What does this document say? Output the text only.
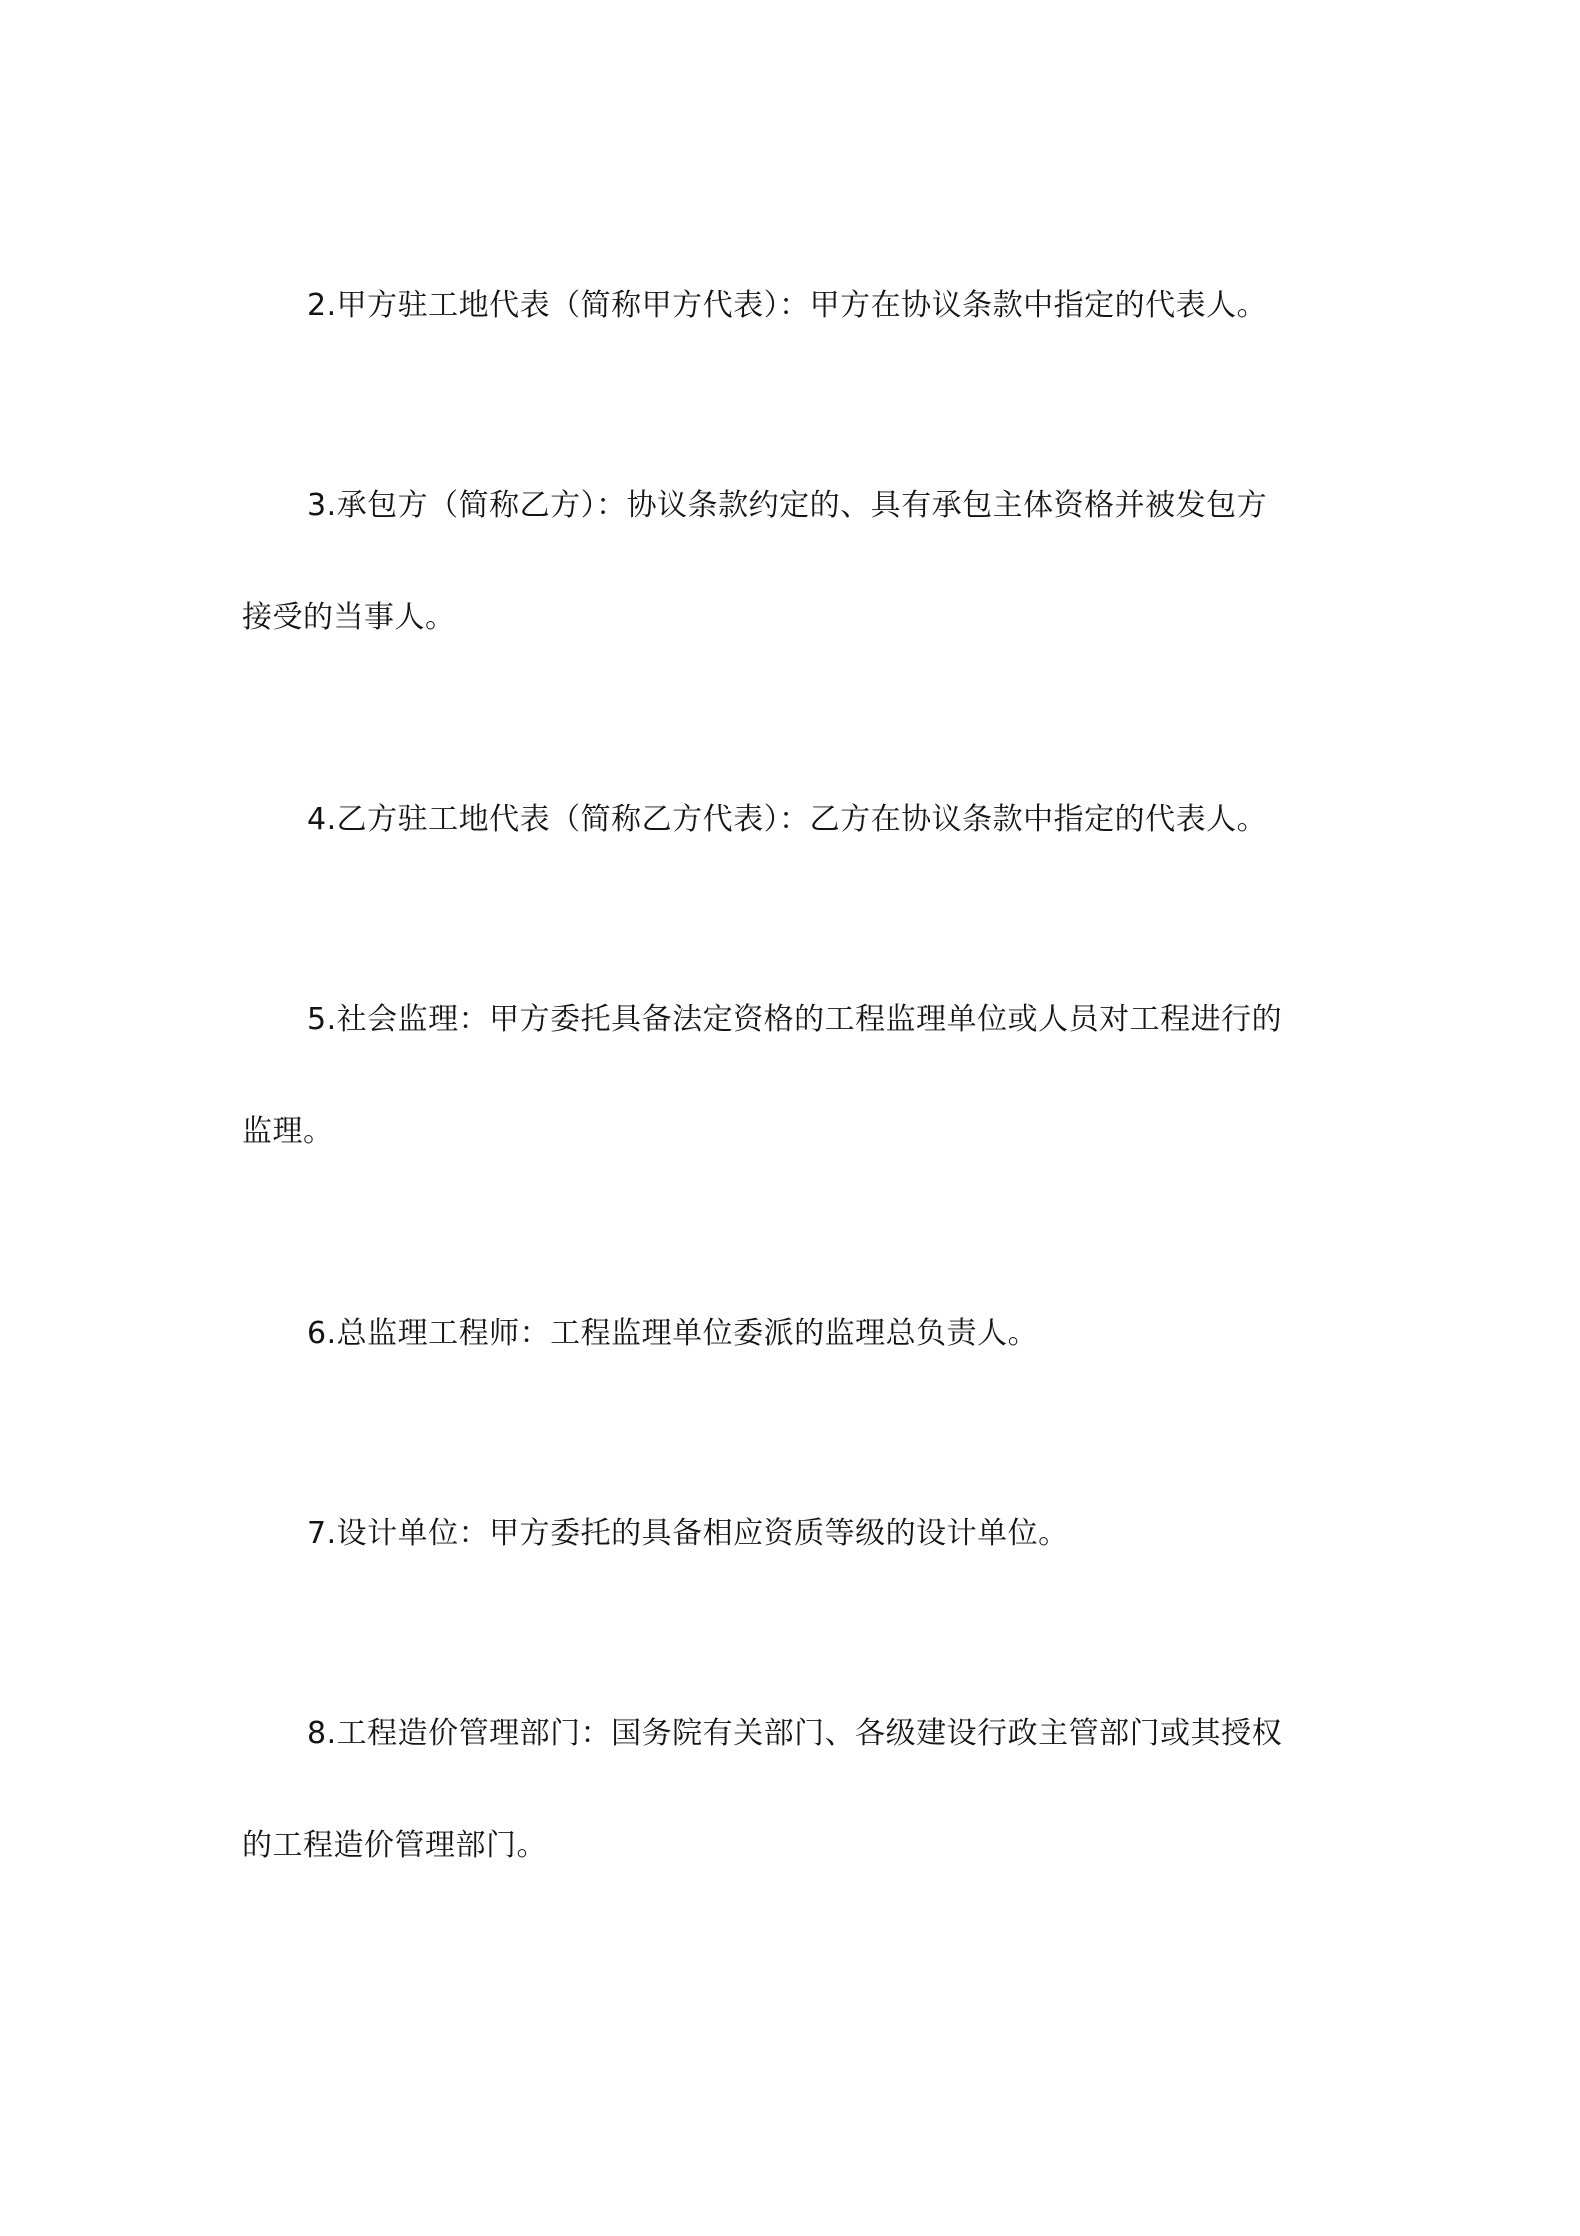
2.甲方驻工地代表（简称甲方代表）：甲方在协议条款中指定的代表人。
3.承包方（简称乙方）：协议条款约定的、具有承包主体资格并被发包方
接受的当事人。
4.乙方驻工地代表（简称乙方代表）：乙方在协议条款中指定的代表人。
5.社会监理：甲方委托具备法定资格的工程监理单位或人员对工程进行的
监理。
6.总监理工程师：工程监理单位委派的监理总负责人。
7.设计单位：甲方委托的具备相应资质等级的设计单位。
8.工程造价管理部门：国务院有关部门、各级建设行政主管部门或其授权
的工程造价管理部门。
